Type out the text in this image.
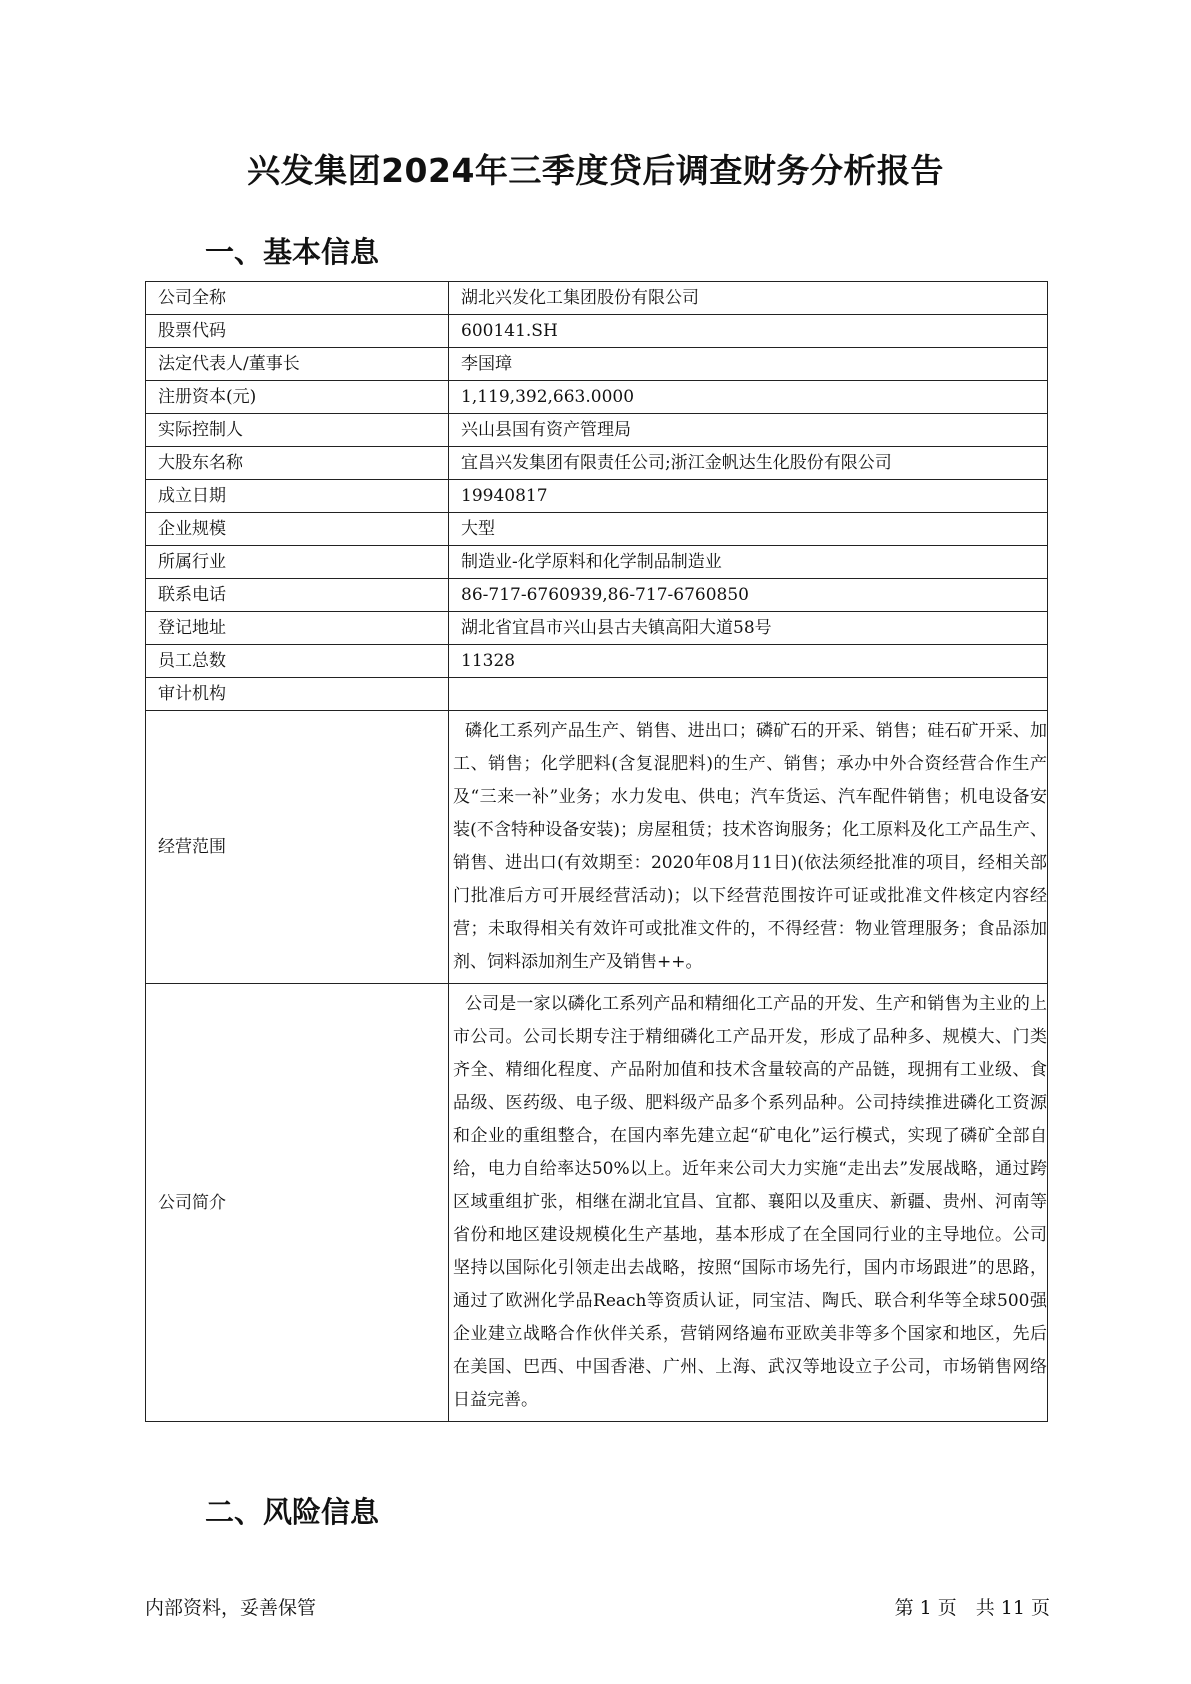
兴发集团2024年三季度贷后调查财务分析报告
一、基本信息
公司全称	湖北兴发化工集团股份有限公司
股票代码	600141.SH
法定代表人/董事长	李国璋
注册资本(元)	1,119,392,663.0000
实际控制人	兴山县国有资产管理局
大股东名称	宜昌兴发集团有限责任公司;浙江金帆达生化股份有限公司
成立日期	19940817
企业规模	大型
所属行业	制造业-化学原料和化学制品制造业
联系电话	86-717-6760939,86-717-6760850
登记地址	湖北省宜昌市兴山县古夫镇高阳大道58号
员工总数	11328
审计机构	
经营范围	磷化工系列产品生产、销售、进出口；磷矿石的开采、销售；硅石矿开采、加工、销售；化学肥料(含复混肥料)的生产、销售；承办中外合资经营合作生产及“三来一补”业务；水力发电、供电；汽车货运、汽车配件销售；机电设备安装(不含特种设备安装)；房屋租赁；技术咨询服务；化工原料及化工产品生产、销售、进出口(有效期至：2020年08月11日)(依法须经批准的项目，经相关部门批准后方可开展经营活动)；以下经营范围按许可证或批准文件核定内容经营；未取得相关有效许可或批准文件的，不得经营：物业管理服务；食品添加剂、饲料添加剂生产及销售++。
公司简介	公司是一家以磷化工系列产品和精细化工产品的开发、生产和销售为主业的上市公司。公司长期专注于精细磷化工产品开发，形成了品种多、规模大、门类齐全、精细化程度、产品附加值和技术含量较高的产品链，现拥有工业级、食品级、医药级、电子级、肥料级产品多个系列品种。公司持续推进磷化工资源和企业的重组整合，在国内率先建立起“矿电化”运行模式，实现了磷矿全部自给，电力自给率达50%以上。近年来公司大力实施“走出去”发展战略，通过跨区域重组扩张，相继在湖北宜昌、宜都、襄阳以及重庆、新疆、贵州、河南等省份和地区建设规模化生产基地，基本形成了在全国同行业的主导地位。公司坚持以国际化引领走出去战略，按照“国际市场先行，国内市场跟进”的思路，通过了欧洲化学品Reach等资质认证，同宝洁、陶氏、联合利华等全球500强企业建立战略合作伙伴关系，营销网络遍布亚欧美非等多个国家和地区，先后在美国、巴西、中国香港、广州、上海、武汉等地设立子公司，市场销售网络日益完善。
二、风险信息
内部资料，妥善保管	第 1 页　共 11 页
